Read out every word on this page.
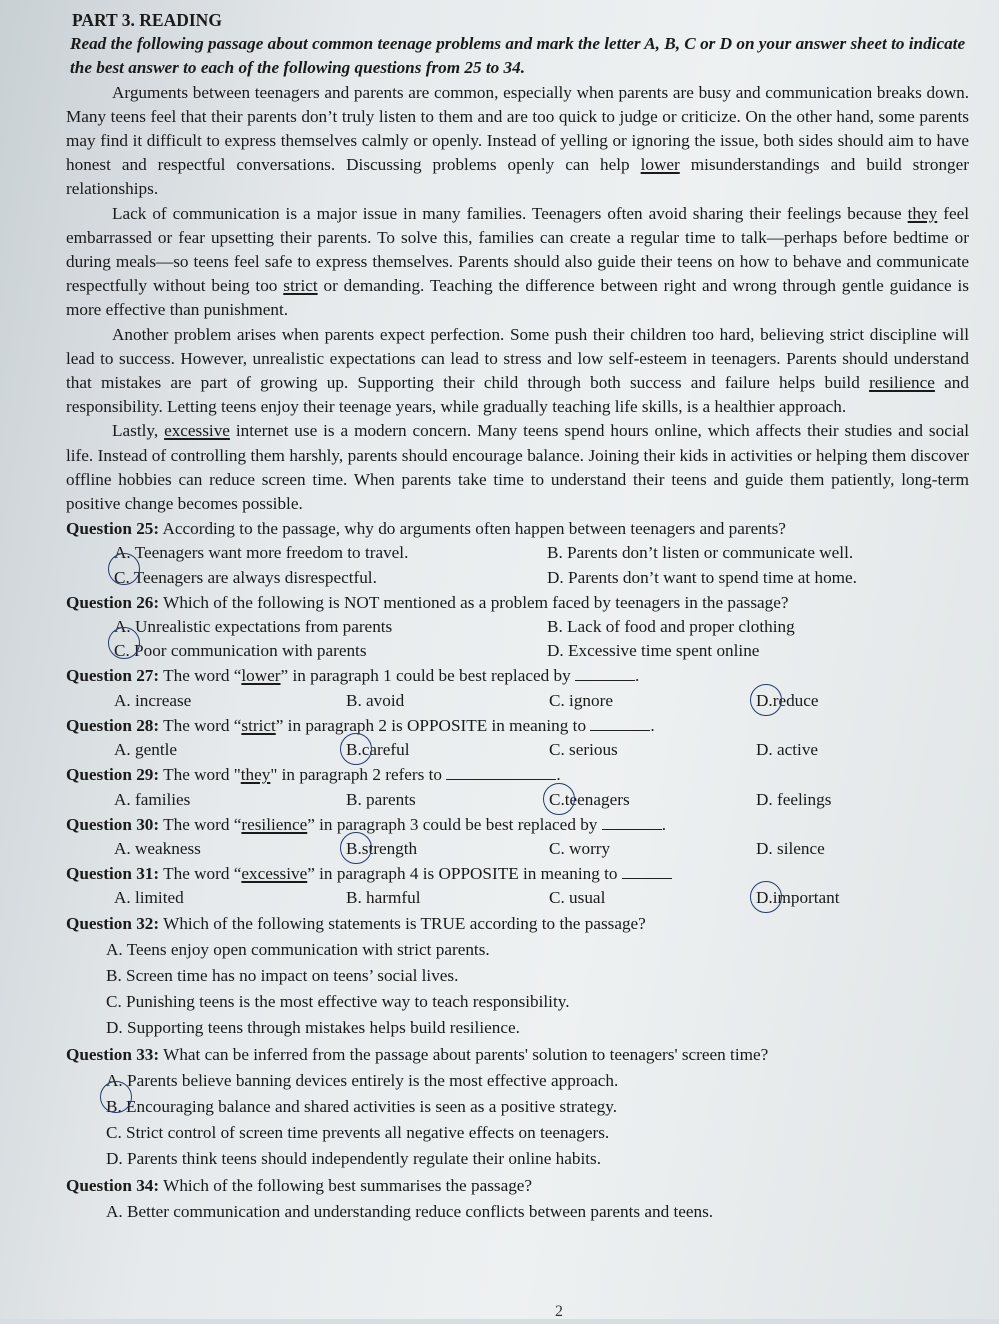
PART 3. READING
Read the following passage about common teenage problems and mark the letter A, B, C or D on your answer sheet to indicate the best answer to each of the following questions from 25 to 34.

Arguments between teenagers and parents are common, especially when parents are busy and communication breaks down. Many teens feel that their parents don’t truly listen to them and are too quick to judge or criticize. On the other hand, some parents may find it difficult to express themselves calmly or openly. Instead of yelling or ignoring the issue, both sides should aim to have honest and respectful conversations. Discussing problems openly can help lower misunderstandings and build stronger relationships.

Lack of communication is a major issue in many families. Teenagers often avoid sharing their feelings because they feel embarrassed or fear upsetting their parents. To solve this, families can create a regular time to talk—perhaps before bedtime or during meals—so teens feel safe to express themselves. Parents should also guide their teens on how to behave and communicate respectfully without being too strict or demanding. Teaching the difference between right and wrong through gentle guidance is more effective than punishment.

Another problem arises when parents expect perfection. Some push their children too hard, believing strict discipline will lead to success. However, unrealistic expectations can lead to stress and low self-esteem in teenagers. Parents should understand that mistakes are part of growing up. Supporting their child through both success and failure helps build resilience and responsibility. Letting teens enjoy their teenage years, while gradually teaching life skills, is a healthier approach.

Lastly, excessive internet use is a modern concern. Many teens spend hours online, which affects their studies and social life. Instead of controlling them harshly, parents should encourage balance. Joining their kids in activities or helping them discover offline hobbies can reduce screen time. When parents take time to understand their teens and guide them patiently, long-term positive change becomes possible.

Question 25: According to the passage, why do arguments often happen between teenagers and parents?
A. Teenagers want more freedom to travel.	B. Parents don’t listen or communicate well.
C. Teenagers are always disrespectful.	D. Parents don’t want to spend time at home.
Question 26: Which of the following is NOT mentioned as a problem faced by teenagers in the passage?
A. Unrealistic expectations from parents	B. Lack of food and proper clothing
C. Poor communication with parents	D. Excessive time spent online
Question 27: The word “lower” in paragraph 1 could be best replaced by	.
A. increase	B. avoid	C. ignore	D.reduce
Question 28: The word “strict” in paragraph 2 is OPPOSITE in meaning to	.
A. gentle	B.careful	C. serious	D. active
Question 29: The word "they" in paragraph 2 refers to	.
A. families	B. parents	C.teenagers	D. feelings
Question 30: The word “resilience” in paragraph 3 could be best replaced by	.
A. weakness	B.strength	C. worry	D. silence
Question 31: The word “excessive” in paragraph 4 is OPPOSITE in meaning to
A. limited	B. harmful	C. usual	D.important
Question 32: Which of the following statements is TRUE according to the passage?
A. Teens enjoy open communication with strict parents.
B. Screen time has no impact on teens’ social lives.
C. Punishing teens is the most effective way to teach responsibility.
D. Supporting teens through mistakes helps build resilience.
Question 33: What can be inferred from the passage about parents' solution to teenagers' screen time?
A. Parents believe banning devices entirely is the most effective approach.
B. Encouraging balance and shared activities is seen as a positive strategy.
C. Strict control of screen time prevents all negative effects on teenagers.
D. Parents think teens should independently regulate their online habits.
Question 34: Which of the following best summarises the passage?
A. Better communication and understanding reduce conflicts between parents and teens.
2
